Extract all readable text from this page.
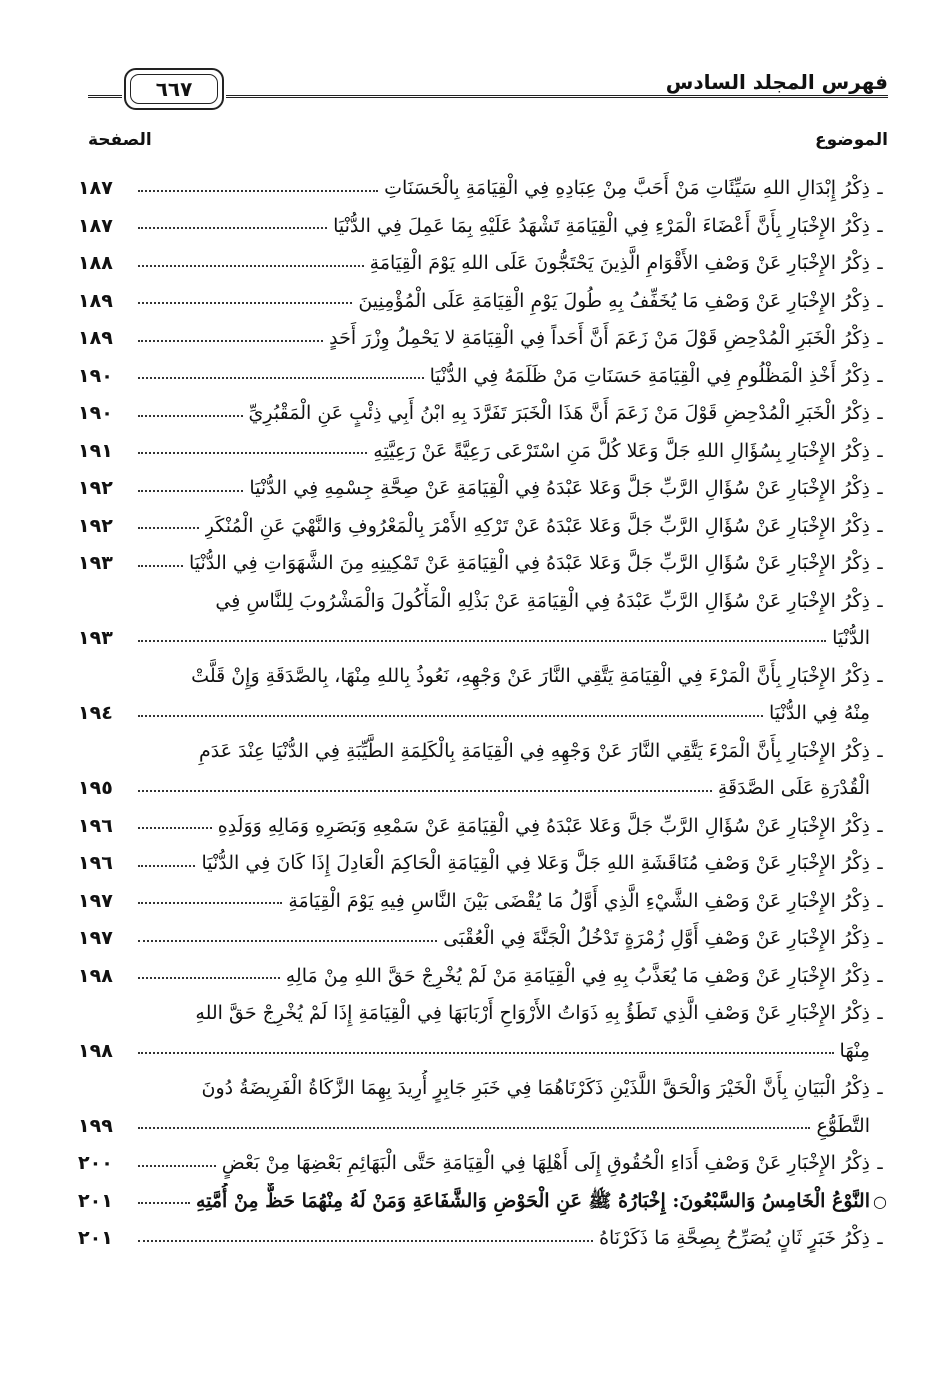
فهرس المجلد السادس
٦٦٧
الموضوع
الصفحة
ـ
ذِكْرُ إِبْدَالِ اللهِ سَيِّئَاتِ مَنْ أَحَبَّ مِنْ عِبَادِهِ فِي الْقِيَامَةِ بِالْحَسَنَاتِ
١٨٧
ـ
ذِكْرُ الإِخْبَارِ بِأَنَّ أَعْضَاءَ الْمَرْءِ فِي الْقِيَامَةِ تَشْهَدُ عَلَيْهِ بِمَا عَمِلَ فِي الدُّنْيَا
١٨٧
ـ
ذِكْرُ الإِخْبَارِ عَنْ وَصْفِ الأَقْوَامِ الَّذِينَ يَحْتَجُّونَ عَلَى اللهِ يَوْمَ الْقِيَامَةِ
١٨٨
ـ
ذِكْرُ الإِخْبَارِ عَنْ وَصْفِ مَا يُخَفِّفُ بِهِ طُولَ يَوْمِ الْقِيَامَةِ عَلَى الْمُؤْمِنِينَ
١٨٩
ـ
ذِكْرُ الْخَبَرِ الْمُدْحِضِ قَوْلَ مَنْ زَعَمَ أَنَّ أَحَداً فِي الْقِيَامَةِ لا يَحْمِلُ وِزْرَ أَحَدٍ
١٨٩
ـ
ذِكْرُ أَخْذِ الْمَظْلُومِ فِي الْقِيَامَةِ حَسَنَاتِ مَنْ ظَلَمَهُ فِي الدُّنْيَا
١٩٠
ـ
ذِكْرُ الْخَبَرِ الْمُدْحِضِ قَوْلَ مَنْ زَعَمَ أَنَّ هَذَا الْخَبَرَ تَفَرَّدَ بِهِ ابْنُ أَبِي ذِئْبٍ عَنِ الْمَقْبُرِيِّ
١٩٠
ـ
ذِكْرُ الإِخْبَارِ بِسُؤَالِ اللهِ جَلَّ وَعَلا كُلَّ مَنِ اسْتَرْعَى رَعِيَّةً عَنْ رَعِيَّتِهِ
١٩١
ـ
ذِكْرُ الإِخْبَارِ عَنْ سُؤَالِ الرَّبِّ جَلَّ وَعَلا عَبْدَهُ فِي الْقِيَامَةِ عَنْ صِحَّةِ جِسْمِهِ فِي الدُّنْيَا
١٩٢
ـ
ذِكْرُ الإِخْبَارِ عَنْ سُؤَالِ الرَّبِّ جَلَّ وَعَلا عَبْدَهُ عَنْ تَرْكِهِ الأَمْرَ بِالْمَعْرُوفِ وَالنَّهْيَ عَنِ الْمُنْكَرِ
١٩٢
ـ
ذِكْرُ الإِخْبَارِ عَنْ سُؤَالِ الرَّبِّ جَلَّ وَعَلا عَبْدَهُ فِي الْقِيَامَةِ عَنْ تَمْكِينِهِ مِنَ الشَّهَوَاتِ فِي الدُّنْيَا
١٩٣
ـ
ذِكْرُ الإِخْبَارِ عَنْ سُؤَالِ الرَّبِّ عَبْدَهُ فِي الْقِيَامَةِ عَنْ بَذْلِهِ الْمَأْكُولَ وَالْمَشْرُوبَ لِلنَّاسِ فِي
الدُّنْيَا
١٩٣
ـ
ذِكْرُ الإِخْبَارِ بِأَنَّ الْمَرْءَ فِي الْقِيَامَةِ يَتَّقِي النَّارَ عَنْ وَجْهِهِ، نَعُوذُ بِاللهِ مِنْهَا، بِالصَّدَقَةِ وَإِنْ قَلَّتْ
مِنْهُ فِي الدُّنْيَا
١٩٤
ـ
ذِكْرُ الإِخْبَارِ بِأَنَّ الْمَرْءَ يَتَّقِي النَّارَ عَنْ وَجْهِهِ فِي الْقِيَامَةِ بِالْكَلِمَةِ الطَّيِّبَةِ فِي الدُّنْيَا عِنْدَ عَدَمِ
الْقُدْرَةِ عَلَى الصَّدَقَةِ
١٩٥
ـ
ذِكْرُ الإِخْبَارِ عَنْ سُؤَالِ الرَّبِّ جَلَّ وَعَلا عَبْدَهُ فِي الْقِيَامَةِ عَنْ سَمْعِهِ وَبَصَرِهِ وَمَالِهِ وَوَلَدِهِ
١٩٦
ـ
ذِكْرُ الإِخْبَارِ عَنْ وَصْفِ مُنَاقَشَةِ اللهِ جَلَّ وَعَلا فِي الْقِيَامَةِ الْحَاكِمَ الْعَادِلَ إِذَا كَانَ فِي الدُّنْيَا
١٩٦
ـ
ذِكْرُ الإِخْبَارِ عَنْ وَصْفِ الشَّيْءِ الَّذِي أَوَّلُ مَا يُقْضَى بَيْنَ النَّاسِ فِيهِ يَوْمَ الْقِيَامَةِ
١٩٧
ـ
ذِكْرُ الإِخْبَارِ عَنْ وَصْفِ أَوَّلِ زُمْرَةٍ تَدْخُلُ الْجَنَّةَ فِي الْعُقْبَى
١٩٧
ـ
ذِكْرُ الإِخْبَارِ عَنْ وَصْفِ مَا يُعَذَّبُ بِهِ فِي الْقِيَامَةِ مَنْ لَمْ يُخْرِجْ حَقَّ اللهِ مِنْ مَالِهِ
١٩٨
ـ
ذِكْرُ الإِخْبَارِ عَنْ وَصْفِ الَّذِي تَطَؤُ بِهِ ذَوَاتُ الأَرْوَاحِ أَرْبَابَهَا فِي الْقِيَامَةِ إِذَا لَمْ يُخْرِجْ حَقَّ اللهِ
مِنْهَا
١٩٨
ـ
ذِكْرُ الْبَيَانِ بِأَنَّ الْخَيْرَ وَالْحَقَّ اللَّذَيْنِ ذَكَرْنَاهُمَا فِي خَبَرِ جَابِرٍ أُرِيدَ بِهِمَا الزَّكَاةُ الْفَرِيضَةُ دُونَ
التَّطَوُّعِ
١٩٩
ـ
ذِكْرُ الإِخْبَارِ عَنْ وَصْفِ أَدَاءِ الْحُقُوقِ إِلَى أَهْلِهَا فِي الْقِيَامَةِ حَتَّى الْبَهَائِمِ بَعْضِهَا مِنْ بَعْضٍ
٢٠٠
○
النَّوْعُ الْخَامِسُ وَالسَّبْعُونَ: إِخْبَارُهُ ﷺ عَنِ الْحَوْضِ وَالشَّفَاعَةِ وَمَنْ لَهُ مِنْهُمَا حَظٌّ مِنْ أُمَّتِهِ
٢٠١
ـ
ذِكْرُ خَبَرٍ ثَانٍ يُصَرِّحُ بِصِحَّةِ مَا ذَكَرْنَاهُ
٢٠١
